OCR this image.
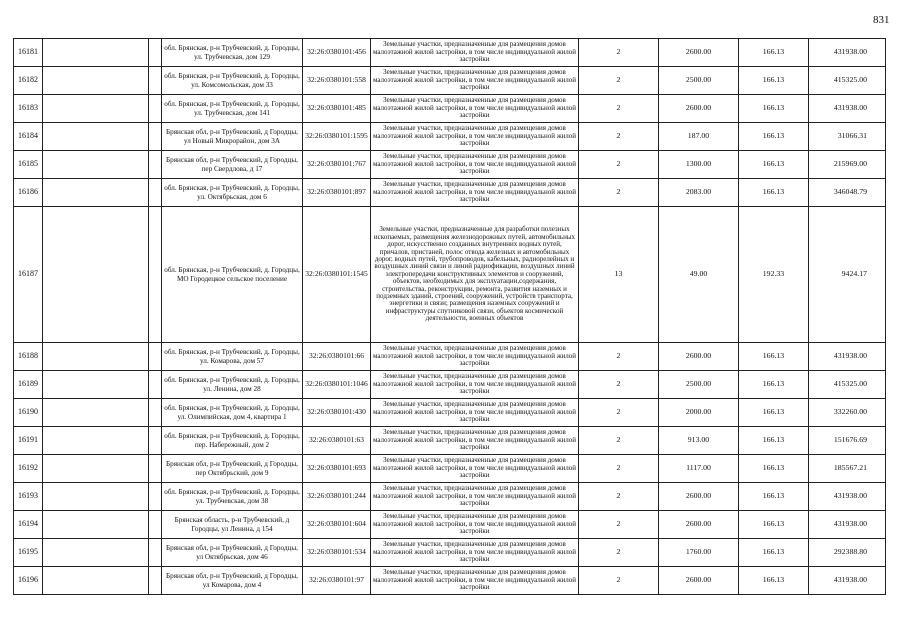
831
16181			обл. Брянская, р-н Трубчевский, д. Городцы, ул. Трубчевская, дом 129	32:26:0380101:456	Земельные участки, предназначенные для размещения домов малоэтажной жилой застройки, в том числе индивидуальной жилой застройки	2	2600.00	166.13	431938.00
16182			обл. Брянская, р-н Трубчевский, д. Городцы, ул. Комсомольская, дом 33	32:26:0380101:558	Земельные участки, предназначенные для размещения домов малоэтажной жилой застройки, в том числе индивидуальной жилой застройки	2	2500.00	166.13	415325.00
16183			обл. Брянская, р-н Трубчевский, д. Городцы, ул. Трубчевская, дом 141	32:26:0380101:485	Земельные участки, предназначенные для размещения домов малоэтажной жилой застройки, в том числе индивидуальной жилой застройки	2	2600.00	166.13	431938.00
16184			Брянская обл, р-н Трубчевский, д Городцы, ул Новый Микрорайон, дом 3А	32:26:0380101:1595	Земельные участки, предназначенные для размещения домов малоэтажной жилой застройки, в том числе индивидуальной жилой застройки	2	187.00	166.13	31066.31
16185			Брянская обл, р-н Трубчевский, д Городцы, пер Свердлова, д 17	32:26:0380101:767	Земельные участки, предназначенные для размещения домов малоэтажной жилой застройки, в том числе индивидуальной жилой застройки	2	1300.00	166.13	215969.00
16186			обл. Брянская, р-н Трубчевский, д. Городцы, ул. Октябрьская, дом 6	32:26:0380101:897	Земельные участки, предназначенные для размещения домов малоэтажной жилой застройки, в том числе индивидуальной жилой застройки	2	2083.00	166.13	346048.79
16187			обл. Брянская, р-н Трубчевский, д. Городцы, МО Городецкое сельское поселение	32:26:0380101:1545	Земельные участки, предназначенные для разработки полезных ископаемых, размещения железнодорожных путей, автомобильных дорог, искусственно созданных внутренних водных путей, причалов, пристаней, полос отвода железных и автомобильных дорог, водных путей, трубопроводов, кабельных, радиорелейных и воздушных линий связи и линий радиофикации, воздушных линий электропередачи конструктивных элементов и сооружений, объектов, необходимых для эксплуатации,содержания, строительства, реконструкции, ремонта, развития наземных и подземных зданий, строений, сооружений, устройств транспорта, энергетики и связи; размещения наземных сооружений и инфраструктуры спутниковой связи, объектов космической деятельности, военных объектов	13	49.00	192.33	9424.17
16188			обл. Брянская, р-н Трубчевский, д. Городцы, ул. Комарова, дом 57	32:26:0380101:66	Земельные участки, предназначенные для размещения домов малоэтажной жилой застройки, в том числе индивидуальной жилой застройки	2	2600.00	166.13	431938.00
16189			обл. Брянская, р-н Трубчевский, д. Городцы, ул. Ленина, дом 28	32:26:0380101:1046	Земельные участки, предназначенные для размещения домов малоэтажной жилой застройки, в том числе индивидуальной жилой застройки	2	2500.00	166.13	415325.00
16190			обл. Брянская, р-н Трубчевский, д. Городцы, ул. Олимпийская, дом 4, квартира 1	32:26:0380101:430	Земельные участки, предназначенные для размещения домов малоэтажной жилой застройки, в том числе индивидуальной жилой застройки	2	2000.00	166.13	332260.00
16191			обл. Брянская, р-н Трубчевский, д. Городцы, пер. Набережный, дом 2	32:26:0380101:63	Земельные участки, предназначенные для размещения домов малоэтажной жилой застройки, в том числе индивидуальной жилой застройки	2	913.00	166.13	151676.69
16192			Брянская обл, р-н Трубчевский, д Городцы, пер Октябрьский, дом 9	32:26:0380101:693	Земельные участки, предназначенные для размещения домов малоэтажной жилой застройки, в том числе индивидуальной жилой застройки	2	1117.00	166.13	185567.21
16193			обл. Брянская, р-н Трубчевский, д. Городцы, ул. Трубчевская, дом 38	32:26:0380101:244	Земельные участки, предназначенные для размещения домов малоэтажной жилой застройки, в том числе индивидуальной жилой застройки	2	2600.00	166.13	431938.00
16194			Брянская область, р-н Трубчевский, д Городцы, ул Ленина, д 154	32:26:0380101:604	Земельные участки, предназначенные для размещения домов малоэтажной жилой застройки, в том числе индивидуальной жилой застройки	2	2600.00	166.13	431938.00
16195			Брянская обл, р-н Трубчевский, д Городцы, ул Октябрьская, дом 46	32:26:0380101:534	Земельные участки, предназначенные для размещения домов малоэтажной жилой застройки, в том числе индивидуальной жилой застройки	2	1760.00	166.13	292388.80
16196			Брянская обл, р-н Трубчевский, д Городцы, ул Комарова, дом 4	32:26:0380101:97	Земельные участки, предназначенные для размещения домов малоэтажной жилой застройки, в том числе индивидуальной жилой застройки	2	2600.00	166.13	431938.00
